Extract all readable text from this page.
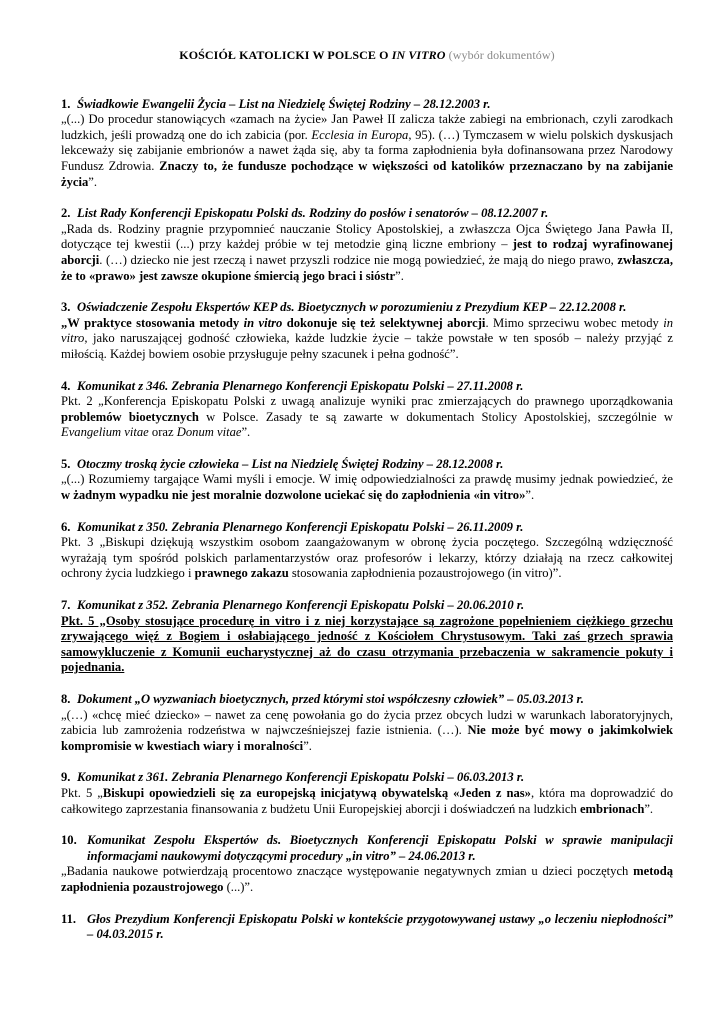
KOŚCIÓŁ KATOLICKI W POLSCE O IN VITRO (wybór dokumentów)
1. Świadkowie Ewangelii Życia – List na Niedzielę Świętej Rodziny – 28.12.2003 r.

„(...) Do procedur stanowiących «zamach na życie» Jan Paweł II zalicza także zabiegi na embrionach, czyli zarodkach ludzkich, jeśli prowadzą one do ich zabicia (por. Ecclesia in Europa, 95). (…) Tymczasem w wielu polskich dyskusjach lekceważy się zabijanie embrionów a nawet żąda się, aby ta forma zapłodnienia była dofinansowana przez Narodowy Fundusz Zdrowia. Znaczy to, że fundusze pochodzące w większości od katolików przeznaczano by na zabijanie życia”.

2. List Rady Konferencji Episkopatu Polski ds. Rodziny do posłów i senatorów – 08.12.2007 r.

„Rada ds. Rodziny pragnie przypomnieć nauczanie Stolicy Apostolskiej, a zwłaszcza Ojca Świętego Jana Pawła II, dotyczące tej kwestii (...) przy każdej próbie w tej metodzie giną liczne embriony – jest to rodzaj wyrafinowanej aborcji. (…) dziecko nie jest rzeczą i nawet przyszli rodzice nie mogą powiedzieć, że mają do niego prawo, zwłaszcza, że to «prawo» jest zawsze okupione śmiercią jego braci i sióstr”.

3. Oświadczenie Zespołu Ekspertów KEP ds. Bioetycznych w porozumieniu z Prezydium KEP – 22.12.2008 r.

„W praktyce stosowania metody in vitro dokonuje się też selektywnej aborcji. Mimo sprzeciwu wobec metody in vitro, jako naruszającej godność człowieka, każde ludzkie życie – także powstałe w ten sposób – należy przyjąć z miłością. Każdej bowiem osobie przysługuje pełny szacunek i pełna godność”.

4. Komunikat z 346. Zebrania Plenarnego Konferencji Episkopatu Polski – 27.11.2008 r.

Pkt. 2 „Konferencja Episkopatu Polski z uwagą analizuje wyniki prac zmierzających do prawnego uporządkowania problemów bioetycznych w Polsce. Zasady te są zawarte w dokumentach Stolicy Apostolskiej, szczególnie w Evangelium vitae oraz Donum vitae”.

5. Otoczmy troską życie człowieka – List na Niedzielę Świętej Rodziny – 28.12.2008 r.

„(...) Rozumiemy targające Wami myśli i emocje. W imię odpowiedzialności za prawdę musimy jednak powiedzieć, że w żadnym wypadku nie jest moralnie dozwolone uciekać się do zapłodnienia «in vitro»”.

6. Komunikat z 350. Zebrania Plenarnego Konferencji Episkopatu Polski – 26.11.2009 r.

Pkt. 3 „Biskupi dziękują wszystkim osobom zaangażowanym w obronę życia poczętego. Szczególną wdzięczność wyrażają tym spośród polskich parlamentarzystów oraz profesorów i lekarzy, którzy działają na rzecz całkowitej ochrony życia ludzkiego i prawnego zakazu stosowania zapłodnienia pozaustrojowego (in vitro)”.

7. Komunikat z 352. Zebrania Plenarnego Konferencji Episkopatu Polski – 20.06.2010 r.

Pkt. 5 „Osoby stosujące procedurę in vitro i z niej korzystające są zagrożone popełnieniem ciężkiego grzechu zrywającego więź z Bogiem i osłabiającego jedność z Kościołem Chrystusowym. Taki zaś grzech sprawia samowykluczenie z Komunii eucharystycznej aż do czasu otrzymania przebaczenia w sakramencie pokuty i pojednania.

8. Dokument „O wyzwaniach bioetycznych, przed którymi stoi współczesny człowiek” – 05.03.2013 r.

„(…) «chcę mieć dziecko» – nawet za cenę powołania go do życia przez obcych ludzi w warunkach laboratoryjnych, zabicia lub zamrożenia rodzeństwa w najwcześniejszej fazie istnienia. (…). Nie może być mowy o jakimkolwiek kompromisie w kwestiach wiary i moralności”.

9. Komunikat z 361. Zebrania Plenarnego Konferencji Episkopatu Polski – 06.03.2013 r.

Pkt. 5 „Biskupi opowiedzieli się za europejską inicjatywą obywatelską «Jeden z nas», która ma doprowadzić do całkowitego zaprzestania finansowania z budżetu Unii Europejskiej aborcji i doświadczeń na ludzkich embrionach”.

10. Komunikat Zespołu Ekspertów ds. Bioetycznych Konferencji Episkopatu Polski w sprawie manipulacji informacjami naukowymi dotyczącymi procedury „in vitro” – 24.06.2013 r.

„Badania naukowe potwierdzają procentowo znaczące występowanie negatywnych zmian u dzieci poczętych metodą zapłodnienia pozaustrojowego (...)”.

11. Głos Prezydium Konferencji Episkopatu Polski w kontekście przygotowywanej ustawy „o leczeniu niepłodności” – 04.03.2015 r.
